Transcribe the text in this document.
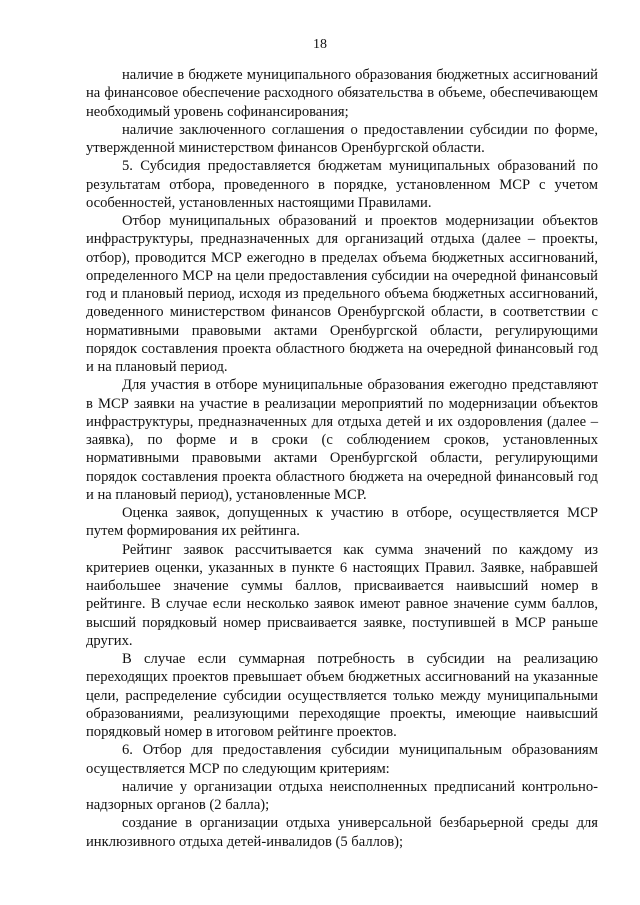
18

наличие в бюджете муниципального образования бюджетных ассигнований на финансовое обеспечение расходного обязательства в объеме, обеспечивающем необходимый уровень софинансирования;

наличие заключенного соглашения о предоставлении субсидии по форме, утвержденной министерством финансов Оренбургской области.

5. Субсидия предоставляется бюджетам муниципальных образований по результатам отбора, проведенного в порядке, установленном МСР с учетом особенностей, установленных настоящими Правилами.

Отбор муниципальных образований и проектов модернизации объектов инфраструктуры, предназначенных для организаций отдыха (далее – проекты, отбор), проводится МСР ежегодно в пределах объема бюджетных ассигнований, определенного МСР на цели предоставления субсидии на очередной финансовый год и плановый период, исходя из предельного объема бюджетных ассигнований, доведенного министерством финансов Оренбургской области, в соответствии с нормативными правовыми актами Оренбургской области, регулирующими порядок составления проекта областного бюджета на очередной финансовый год и на плановый период.

Для участия в отборе муниципальные образования ежегодно представляют в МСР заявки на участие в реализации мероприятий по модернизации объектов инфраструктуры, предназначенных для отдыха детей и их оздоровления (далее – заявка), по форме и в сроки (с соблюдением сроков, установленных нормативными правовыми актами Оренбургской области, регулирующими порядок составления проекта областного бюджета на очередной финансовый год и на плановый период), установленные МСР.

Оценка заявок, допущенных к участию в отборе, осуществляется МСР путем формирования их рейтинга.

Рейтинг заявок рассчитывается как сумма значений по каждому из критериев оценки, указанных в пункте 6 настоящих Правил. Заявке, набравшей наибольшее значение суммы баллов, присваивается наивысший номер в рейтинге. В случае если несколько заявок имеют равное значение сумм баллов, высший порядковый номер присваивается заявке, поступившей в МСР раньше других.

В случае если суммарная потребность в субсидии на реализацию переходящих проектов превышает объем бюджетных ассигнований на указанные цели, распределение субсидии осуществляется только между муниципальными образованиями, реализующими переходящие проекты, имеющие наивысший порядковый номер в итоговом рейтинге проектов.

6. Отбор для предоставления субсидии муниципальным образованиям осуществляется МСР по следующим критериям:

наличие у организации отдыха неисполненных предписаний контрольно-надзорных органов (2 балла);

создание в организации отдыха универсальной безбарьерной среды для инклюзивного отдыха детей-инвалидов (5 баллов);
